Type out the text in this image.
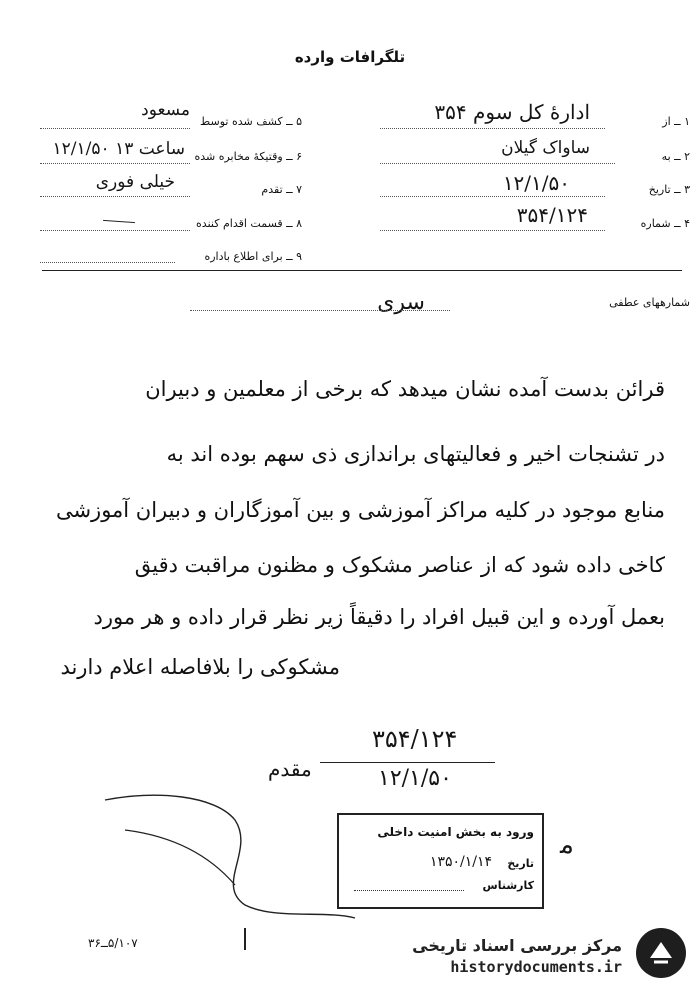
تلگرافات وارده
۱ ــ از
ادارۀ کل سوم ۳۵۴
۲ ــ به
ساواک گیلان
۳ ــ تاریخ
۱۲/۱/۵۰
۴ ــ شماره
۳۵۴/۱۲۴
۵ ــ کشف شده توسط
مسعود
۶ ــ وقتیکۀ مخابره شده
ساعت ۱۳ ۱۲/۱/۵۰
۷ ــ تقدم
خیلی فوری
۸ ــ قسمت اقدام کننده
۹ ــ برای اطلاع باداره
شمارههای عطفی
سری
قرائن بدست آمده نشان میدهد که برخی از معلمین و دبیران
در تشنجات اخیر و فعالیتهای براندازی ذی سهم بوده اند به
منابع موجود در کلیه مراکز آموزشی و بین آموزگاران و دبیران آموزشی
کاخی داده شود که از عناصر مشکوک و مظنون مراقبت دقیق
بعمل آورده و این قبیل افراد را دقیقاً زیر نظر قرار داده و هر مورد
مشکوکی را بلافاصله اعلام دارند
۳۵۴/۱۲۴
مقدم	۱۲/۱/۵۰
ورود به بخش امنیت داخلی
تاریخ
۱۳۵۰/۱/۱۴
کارشناس
ﻣ
۵/۱۰۷ــ۳۶	مرکز بررسی اسناد تاریخی
historydocuments.ir
